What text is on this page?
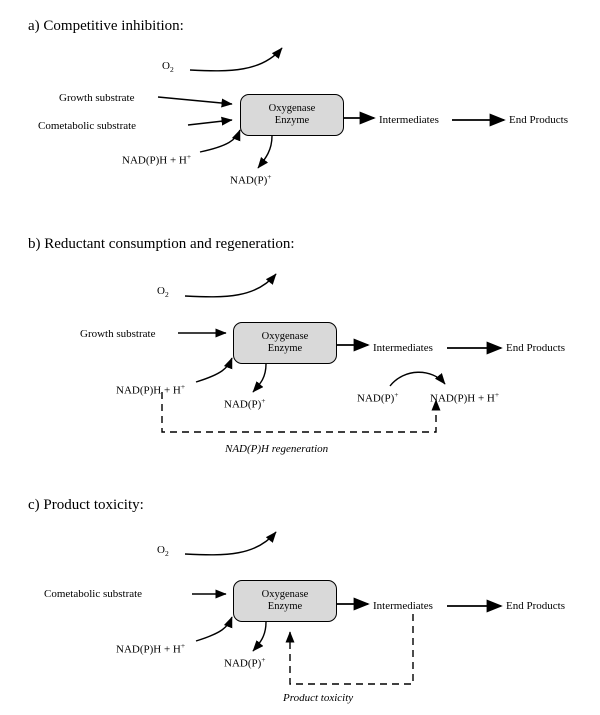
a) Competitive inhibition:
Oxygenase
Enzyme
$O_2$
Growth substrate
Cometabolic substrate
NAD(P)H + H+
NAD(P)+
Intermediates	End Products
b) Reductant consumption and regeneration:
Oxygenase
Enzyme
$O_2$
Growth substrate
NAD(P)H + H+
NAD(P)+
Intermediates	End Products
NAD(P)+	NAD(P)H + H+
NAD(P)H regeneration
c) Product toxicity:
Oxygenase
Enzyme
$O_2$
Cometabolic substrate
NAD(P)H + H+
NAD(P)+
Intermediates	End Products
Product toxicity
